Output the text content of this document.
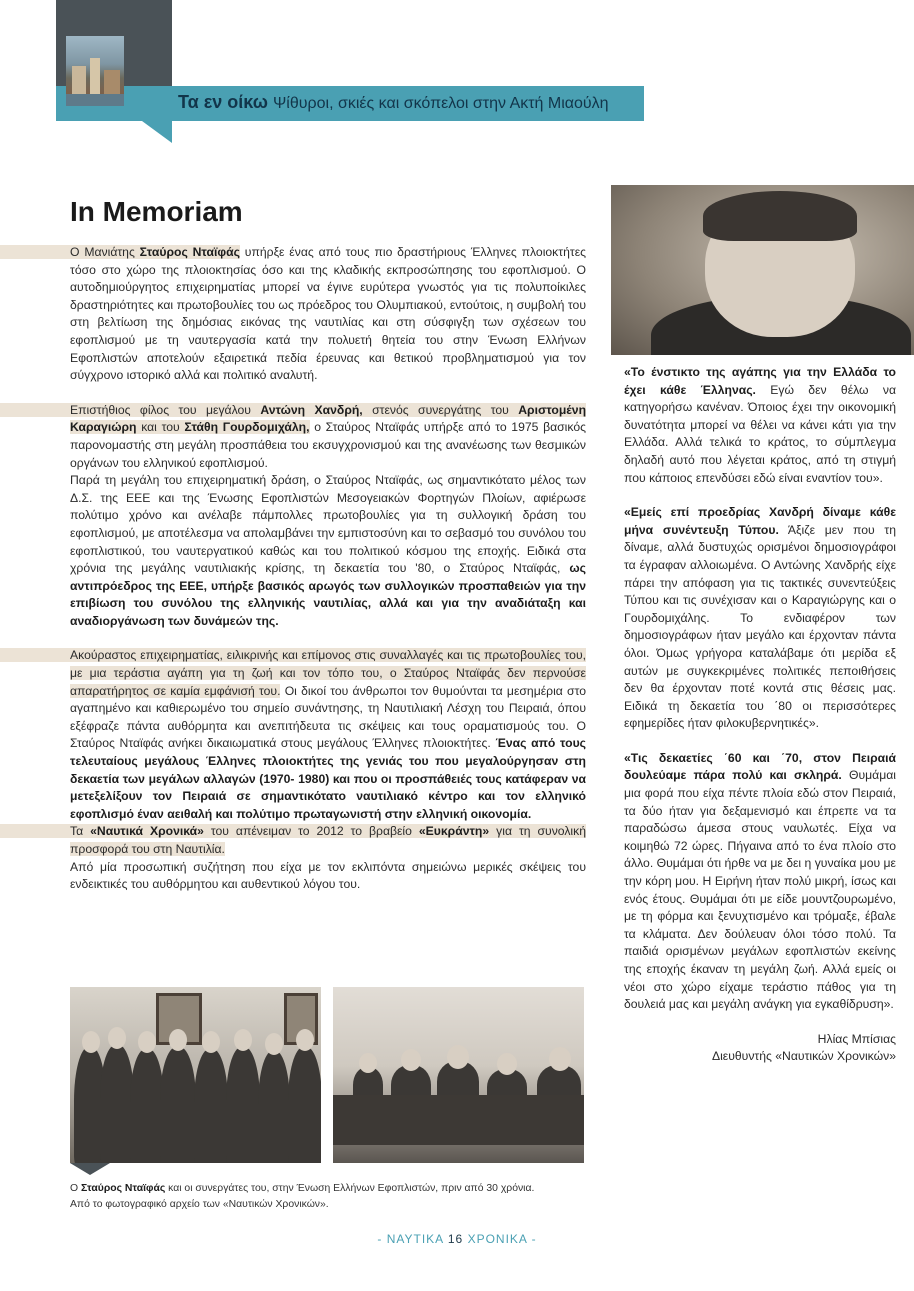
Τα εν οίκω Ψίθυροι, σκιές και σκόπελοι στην Ακτή Μιαούλη
In Memoriam

Ο Μανιάτης Σταύρος Νταϊφάς υπήρξε ένας από τους πιο δραστήριους Έλληνες πλοιοκτήτες τόσο στο χώρο της πλοιοκτησίας όσο και της κλαδικής εκπροσώπησης του εφοπλισμού. Ο αυτοδημιούργητος επιχειρηματίας μπορεί να έγινε ευρύτερα γνωστός για τις πολυποίκιλες δραστηριότητες και πρωτοβουλίες του ως πρόεδρος του Ολυμπιακού, εντούτοις, η συμβολή του στη βελτίωση της δημόσιας εικόνας της ναυτιλίας και στη σύσφιγξη των σχέσεων του εφοπλισμού με τη ναυτεργασία κατά την πολυετή θητεία του στην Ένωση Ελλήνων Εφοπλιστών αποτελούν εξαιρετικά πεδία έρευνας και θετικού προβληματισμού για τον σύγχρονο ιστορικό αλλά και πολιτικό αναλυτή.

Επιστήθιος φίλος του μεγάλου Αντώνη Χανδρή, στενός συνεργάτης του Αριστομένη Καραγιώρη και του Στάθη Γουρδομιχάλη, ο Σταύρος Νταϊφάς υπήρξε από το 1975 βασικός παρονομαστής στη μεγάλη προσπάθεια του εκσυγχρονισμού και της ανανέωσης των θεσμικών οργάνων του ελληνικού εφοπλισμού.

Παρά τη μεγάλη του επιχειρηματική δράση, ο Σταύρος Νταϊφάς, ως σημαντικότατο μέλος των Δ.Σ. της ΕΕΕ και της Ένωσης Εφοπλιστών Μεσογειακών Φορτηγών Πλοίων, αφιέρωσε πολύτιμο χρόνο και ανέλαβε πάμπολλες πρωτοβουλίες για τη συλλογική δράση του εφοπλισμού, με αποτέλεσμα να απολαμβάνει την εμπιστοσύνη και το σεβασμό του συνόλου του εφοπλιστικού, του ναυτεργατικού καθώς και του πολιτικού κόσμου της εποχής. Ειδικά στα χρόνια της μεγάλης ναυτιλιακής κρίσης, τη δεκαετία του '80, ο Σταύρος Νταϊφάς, ως αντιπρόεδρος της ΕΕΕ, υπήρξε βασικός αρωγός των συλλογικών προσπαθειών για την επιβίωση του συνόλου της ελληνικής ναυτιλίας, αλλά και για την αναδιάταξη και αναδιοργάνωση των δυνάμεών της.

Ακούραστος επιχειρηματίας, ειλικρινής και επίμονος στις συναλλαγές και τις πρωτοβουλίες του, με μια τεράστια αγάπη για τη ζωή και τον τόπο του, ο Σταύρος Νταϊφάς δεν περνούσε απαρατήρητος σε καμία εμφάνισή του. Οι δικοί του άνθρωποι τον θυμούνται τα μεσημέρια στο αγαπημένο και καθιερωμένο του σημείο συνάντησης, τη Ναυτιλιακή Λέσχη του Πειραιά, όπου εξέφραζε πάντα αυθόρμητα και ανεπιτήδευτα τις σκέψεις και τους οραματισμούς του. Ο Σταύρος Νταϊφάς ανήκει δικαιωματικά στους μεγάλους Έλληνες πλοιοκτήτες. Ένας από τους τελευταίους μεγάλους Έλληνες πλοιοκτήτες της γενιάς του που μεγαλούργησαν στη δεκαετία των μεγάλων αλλαγών (1970- 1980) και που οι προσπάθειές τους κατάφεραν να μετεξελίξουν τον Πειραιά σε σημαντικότατο ναυτιλιακό κέντρο και τον ελληνικό εφοπλισμό έναν αειθαλή και πολύτιμο πρωταγωνιστή στην ελληνική οικονομία.

Τα «Ναυτικά Χρονικά» του απένειμαν το 2012 το βραβείο «Ευκράντη» για τη συνολική προσφορά του στη Ναυτιλία.

Από μία προσωπική συζήτηση που είχα με τον εκλιπόντα σημειώνω μερικές σκέψεις του ενδεικτικές του αυθόρμητου και αυθεντικού λόγου του.

Ο Σταύρος Νταϊφάς και οι συνεργάτες του, στην Ένωση Ελλήνων Εφοπλιστών, πριν από 30 χρόνια.
Από το φωτογραφικό αρχείο των «Ναυτικών Χρονικών».

«Το ένστικτο της αγάπης για την Ελλάδα το έχει κάθε Έλληνας. Εγώ δεν θέλω να κατηγορήσω κανέναν. Όποιος έχει την οικονομική δυνατότητα μπορεί να θέλει να κάνει κάτι για την Ελλάδα. Αλλά τελικά το κράτος, το σύμπλεγμα δηλαδή αυτό που λέγεται κράτος, από τη στιγμή που κάποιος επενδύσει εδώ είναι εναντίον του».

«Εμείς επί προεδρίας Χανδρή δίναμε κάθε μήνα συνέντευξη Τύπου. Άξιζε μεν που τη δίναμε, αλλά δυστυχώς ορισμένοι δημοσιογράφοι τα έγραφαν αλλοιωμένα. Ο Αντώνης Χανδρής είχε πάρει την απόφαση για τις τακτικές συνεντεύξεις Τύπου και τις συνέχισαν και ο Καραγιώργης και ο Γουρδομιχάλης. Το ενδιαφέρον των δημοσιογράφων ήταν μεγάλο και έρχονταν πάντα όλοι. Όμως γρήγορα καταλάβαμε ότι μερίδα εξ αυτών με συγκεκριμένες πολιτικές πεποιθήσεις δεν θα έρχονταν ποτέ κοντά στις θέσεις μας. Ειδικά τη δεκαετία του ΄80 οι περισσότερες εφημερίδες ήταν φιλοκυβερνητικές».

«Τις δεκαετίες ΄60 και ΄70, στον Πειραιά δουλεύαμε πάρα πολύ και σκληρά. Θυμάμαι μια φορά που είχα πέντε πλοία εδώ στον Πειραιά, τα δύο ήταν για δεξαμενισμό και έπρεπε να τα παραδώσω άμεσα στους ναυλωτές. Είχα να κοιμηθώ 72 ώρες. Πήγαινα από το ένα πλοίο στο άλλο. Θυμάμαι ότι ήρθε να με δει η γυναίκα μου με την κόρη μου. Η Ειρήνη ήταν πολύ μικρή, ίσως και ενός έτους. Θυμάμαι ότι με είδε μουντζουρωμένο, με τη φόρμα και ξενυχτισμένο και τρόμαξε, έβαλε τα κλάματα. Δεν δούλευαν όλοι τόσο πολύ. Τα παιδιά ορισμένων μεγάλων εφοπλιστών εκείνης της εποχής έκαναν τη μεγάλη ζωή. Αλλά εμείς οι νέοι στο χώρο είχαμε τεράστιο πάθος για τη δουλειά μας και μεγάλη ανάγκη για εγκαθίδρυση».

Ηλίας Μπίσιας

Διευθυντής «Ναυτικών Χρονικών»

- ΝΑΥΤΙΚΑ 16 ΧΡΟΝΙΚΑ -
